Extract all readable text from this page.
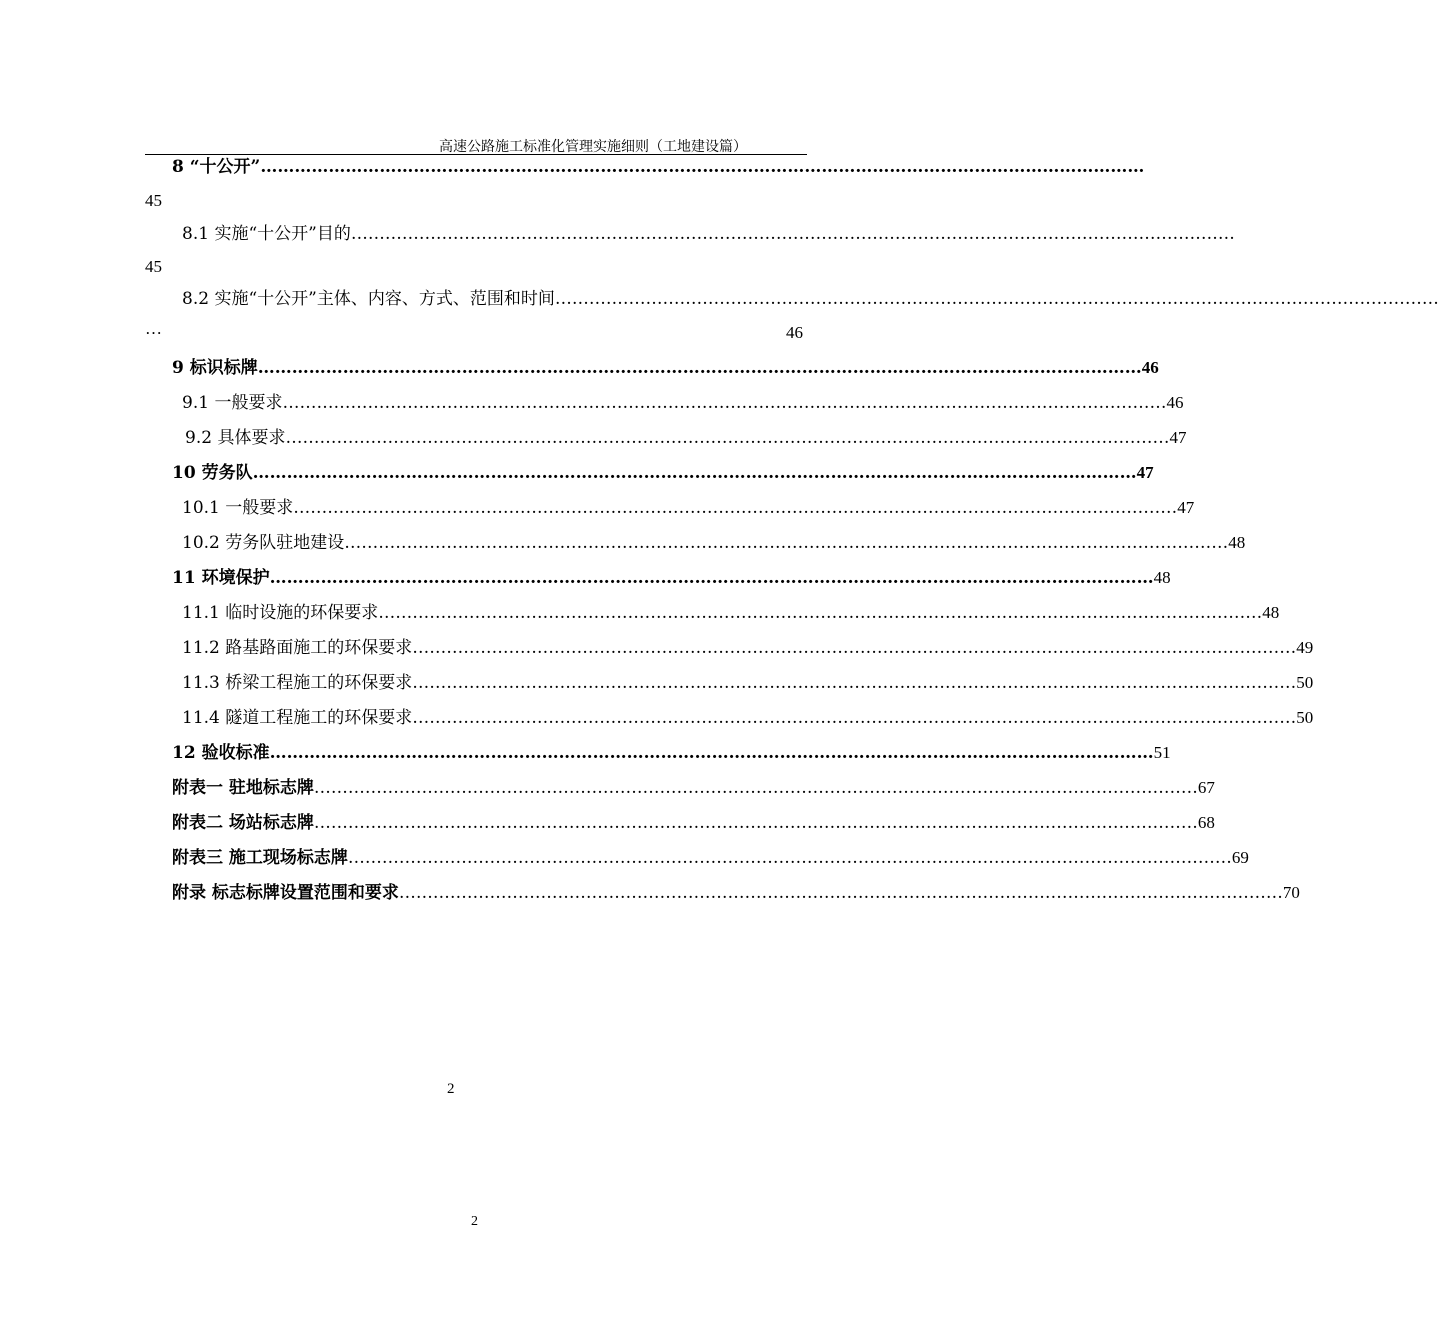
高速公路施工标准化管理实施细则（工地建设篇）
8 “十公开” …………………………………………………………………………………………………………………………………………
45
8.1 实施“十公开”目的 …………………………………………………………………………………………………………………………………………
45
8.2 实施“十公开”主体、内容、方式、范围和时间 …………………………………………………………………………………………………………………………………………
…	46
9 标识标牌 ………………………………………………………………………………………………………………………………………… 46
9.1 一般要求 ………………………………………………………………………………………………………………………………………… 46
9.2 具体要求 ………………………………………………………………………………………………………………………………………… 47
10 劳务队 ………………………………………………………………………………………………………………………………………… 47
10.1 一般要求 ………………………………………………………………………………………………………………………………………… 47
10.2 劳务队驻地建设 ………………………………………………………………………………………………………………………………………… 48
11 环境保护 ………………………………………………………………………………………………………………………………………… 48
11.1 临时设施的环保要求 ………………………………………………………………………………………………………………………………………… 48
11.2 路基路面施工的环保要求 ………………………………………………………………………………………………………………………………………… 49
11.3 桥梁工程施工的环保要求 ………………………………………………………………………………………………………………………………………… 50
11.4 隧道工程施工的环保要求 ………………………………………………………………………………………………………………………………………… 50
12 验收标准 ………………………………………………………………………………………………………………………………………… 51
附表一 驻地标志牌 ………………………………………………………………………………………………………………………………………… 67
附表二 场站标志牌 ………………………………………………………………………………………………………………………………………… 68
附表三 施工现场标志牌 ………………………………………………………………………………………………………………………………………… 69
附录 标志标牌设置范围和要求 ………………………………………………………………………………………………………………………………………… 70
2
2
